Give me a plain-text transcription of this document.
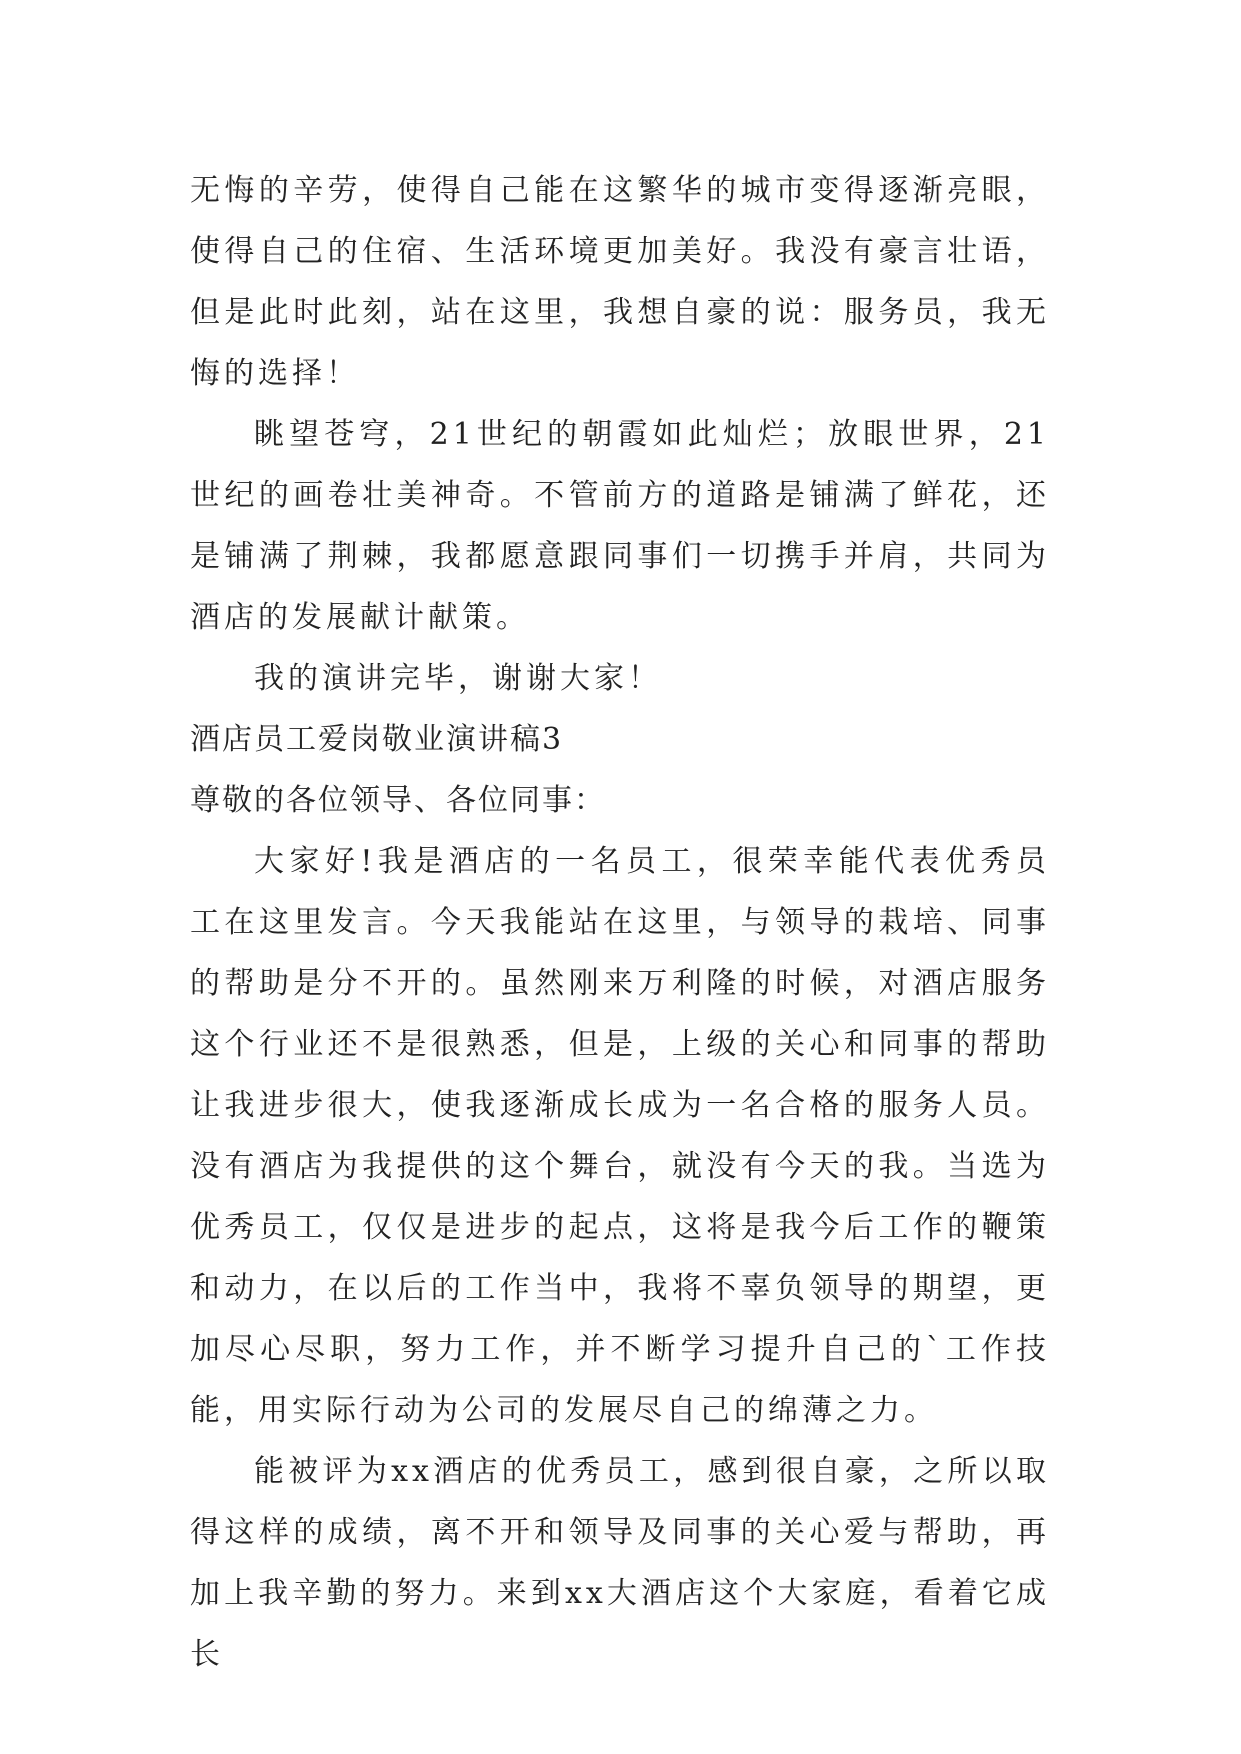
无悔的辛劳，使得自己能在这繁华的城市变得逐渐亮眼，使得自己的住宿、生活环境更加美好。我没有豪言壮语，但是此时此刻，站在这里，我想自豪的说：服务员，我无悔的选择！

眺望苍穹，21世纪的朝霞如此灿烂；放眼世界，21世纪的画卷壮美神奇。不管前方的道路是铺满了鲜花，还是铺满了荆棘，我都愿意跟同事们一切携手并肩，共同为酒店的发展献计献策。

我的演讲完毕，谢谢大家！

酒店员工爱岗敬业演讲稿3

尊敬的各位领导、各位同事：

大家好!我是酒店的一名员工，很荣幸能代表优秀员工在这里发言。今天我能站在这里，与领导的栽培、同事的帮助是分不开的。虽然刚来万利隆的时候，对酒店服务这个行业还不是很熟悉，但是，上级的关心和同事的帮助让我进步很大，使我逐渐成长成为一名合格的服务人员。没有酒店为我提供的这个舞台，就没有今天的我。当选为优秀员工，仅仅是进步的起点，这将是我今后工作的鞭策和动力，在以后的工作当中，我将不辜负领导的期望，更加尽心尽职，努力工作，并不断学习提升自己的`工作技能，用实际行动为公司的发展尽自己的绵薄之力。

能被评为xx酒店的优秀员工，感到很自豪，之所以取得这样的成绩，离不开和领导及同事的关心爱与帮助，再加上我辛勤的努力。来到xx大酒店这个大家庭，看着它成长
